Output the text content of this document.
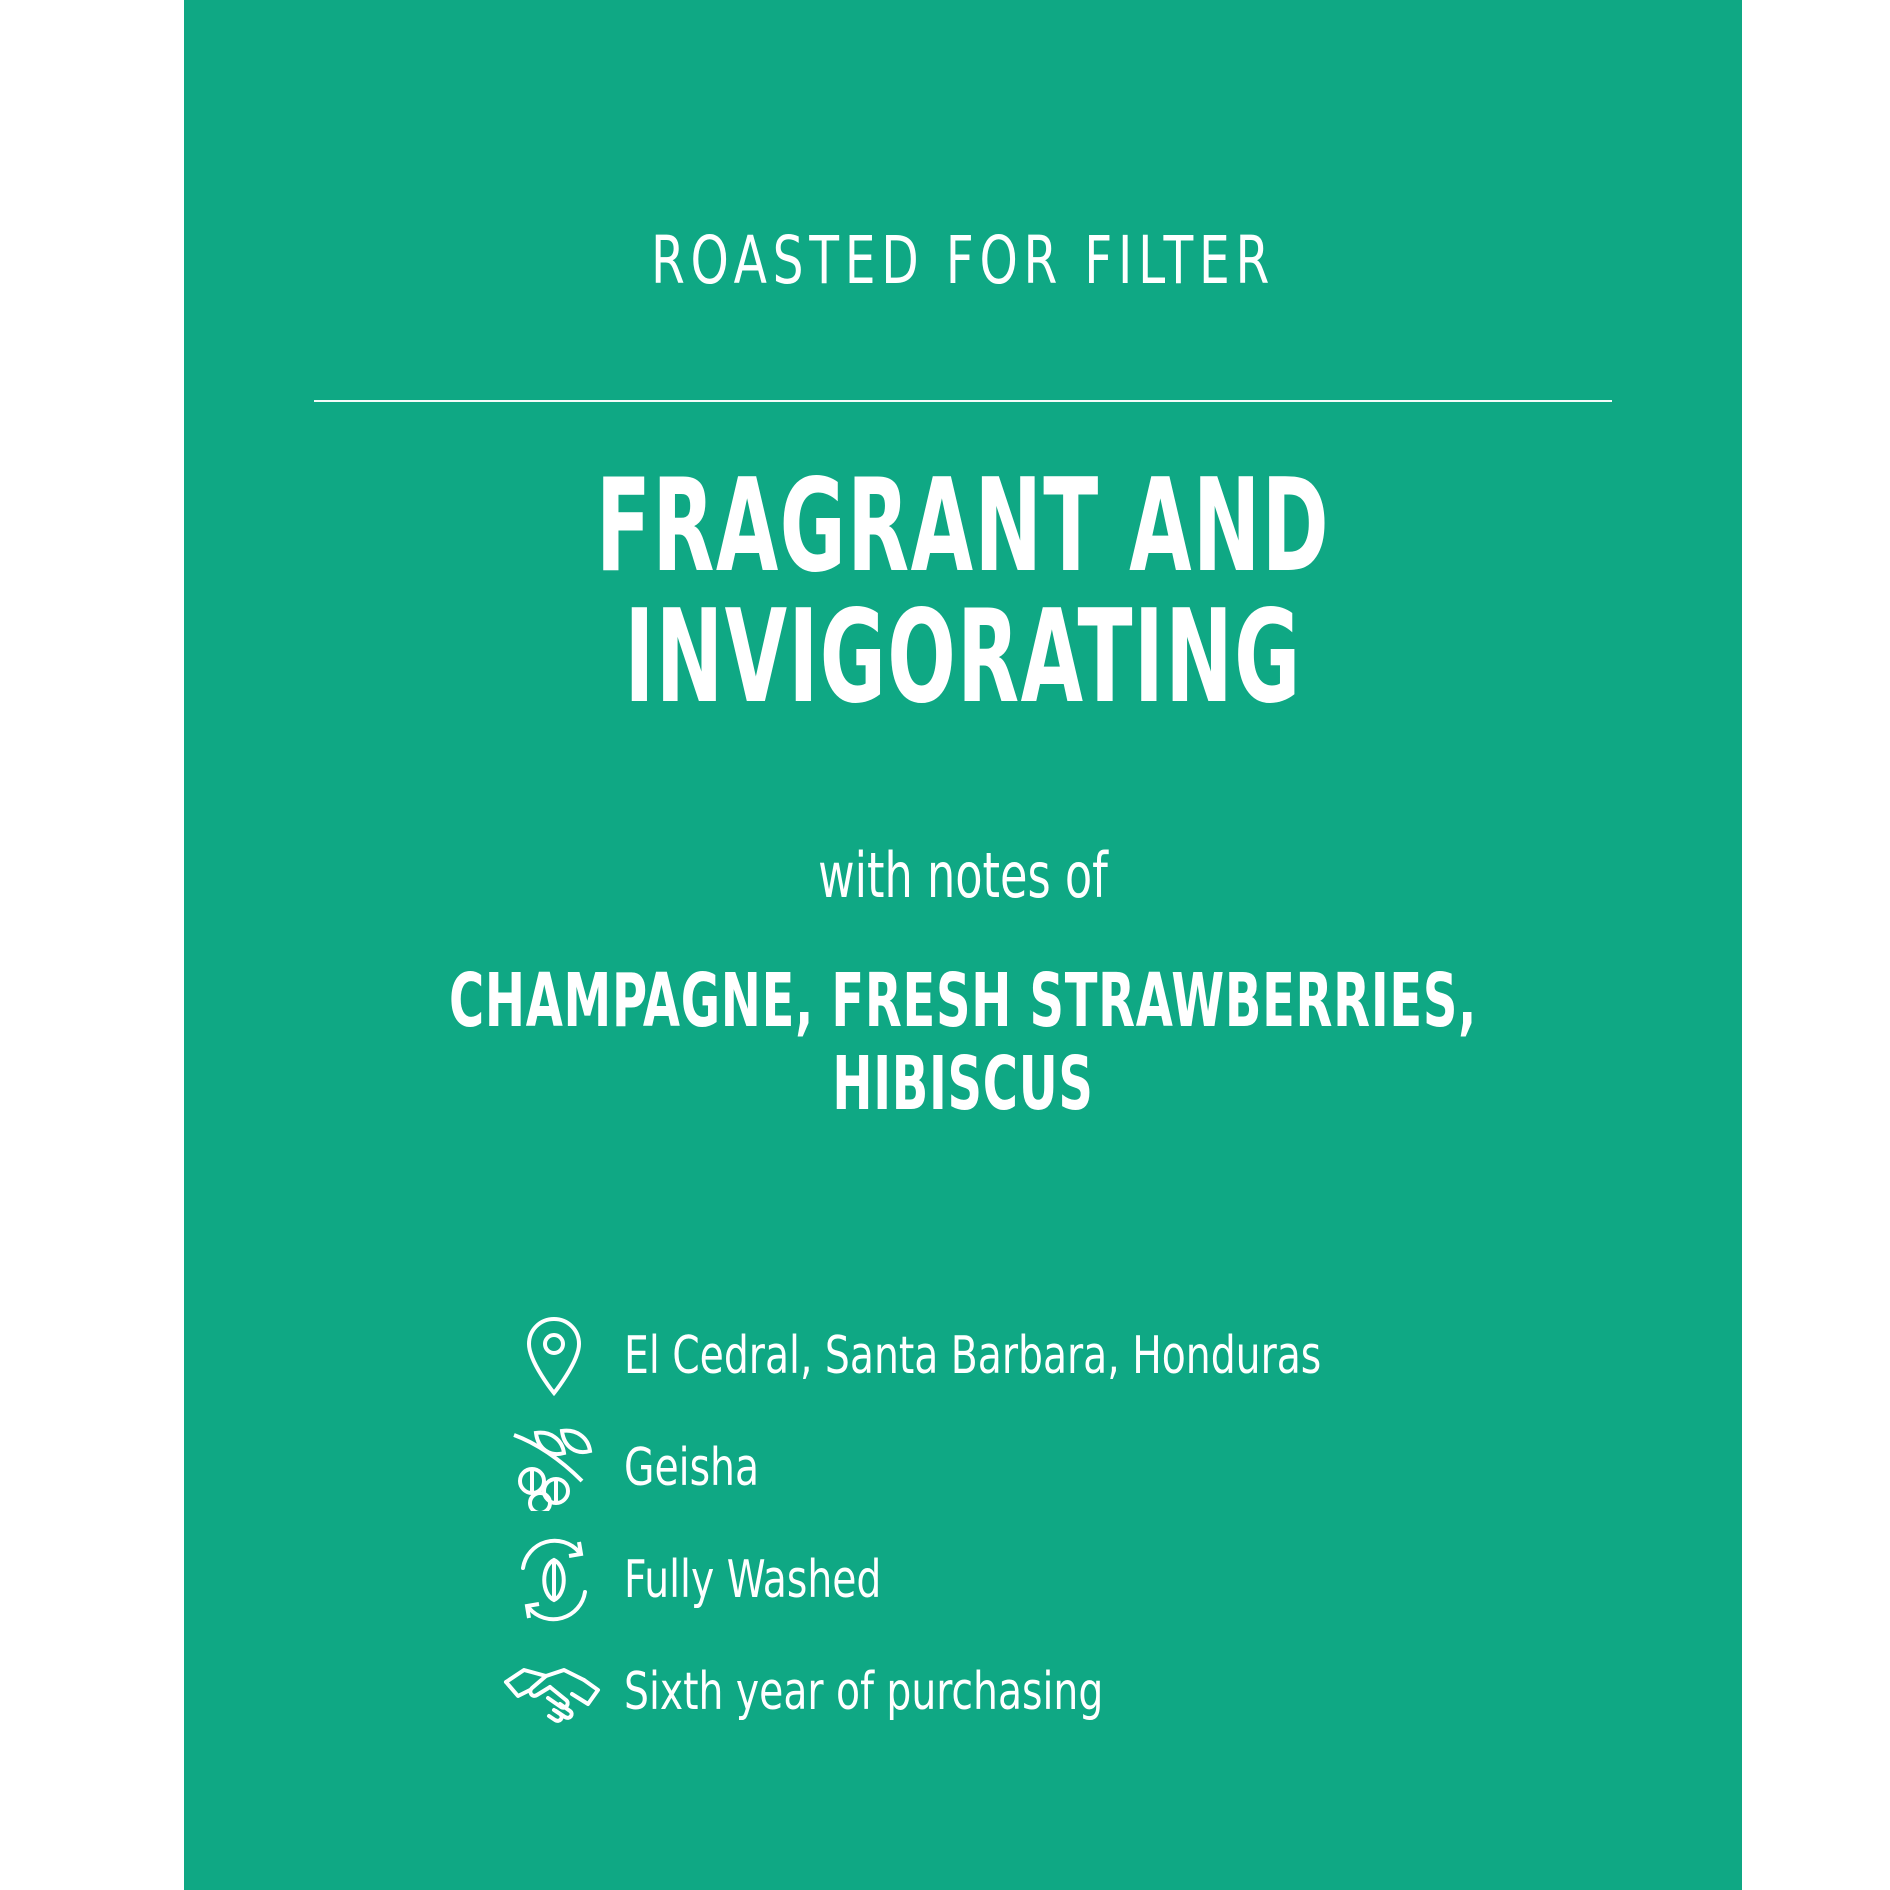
ROASTED FOR FILTER
FRAGRANT AND
INVIGORATING
with notes of
CHAMPAGNE, FRESH STRAWBERRIES,
HIBISCUS
El Cedral, Santa Barbara, Honduras
Geisha
Fully Washed
Sixth year of purchasing
